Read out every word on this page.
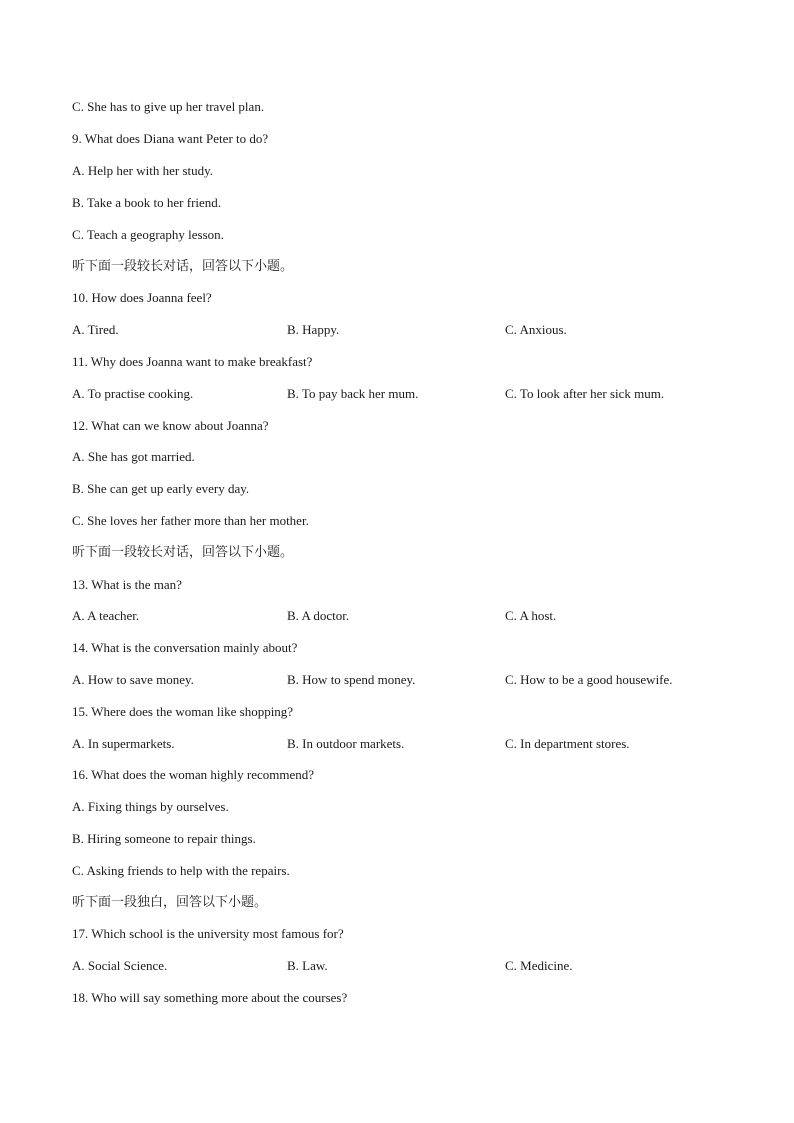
C. She has to give up her travel plan.
9. What does Diana want Peter to do?
A. Help her with her study.
B. Take a book to her friend.
C. Teach a geography lesson.
听下面一段较长对话，回答以下小题。
10. How does Joanna feel?
A. Tired.	B. Happy.	C. Anxious.
11. Why does Joanna want to make breakfast?
A. To practise cooking.	B. To pay back her mum.	C. To look after her sick mum.
12. What can we know about Joanna?
A. She has got married.
B. She can get up early every day.
C. She loves her father more than her mother.
听下面一段较长对话，回答以下小题。
13. What is the man?
A. A teacher.	B. A doctor.	C. A host.
14. What is the conversation mainly about?
A. How to save money.	B. How to spend money.	C. How to be a good housewife.
15. Where does the woman like shopping?
A. In supermarkets.	B. In outdoor markets.	C. In department stores.
16. What does the woman highly recommend?
A. Fixing things by ourselves.
B. Hiring someone to repair things.
C. Asking friends to help with the repairs.
听下面一段独白，回答以下小题。
17. Which school is the university most famous for?
A. Social Science.	B. Law.	C. Medicine.
18. Who will say something more about the courses?
